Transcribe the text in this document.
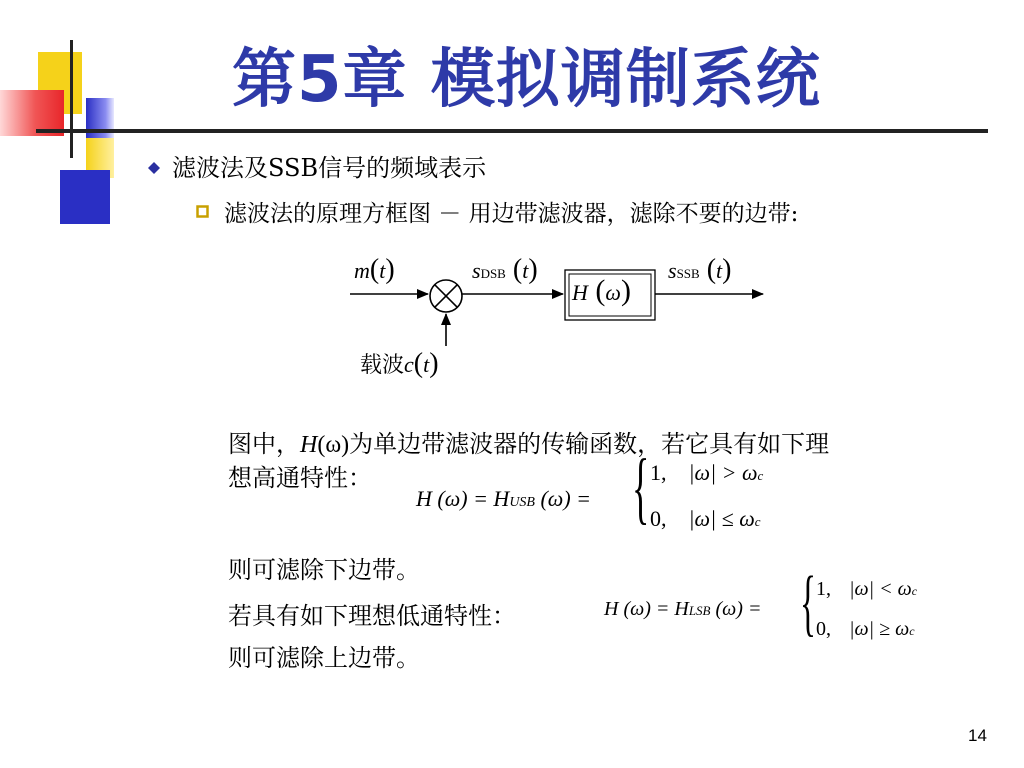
第5章 模拟调制系统
滤波法及SSB信号的频域表示
滤波法的原理方框图 － 用边带滤波器，滤除不要的边带:
m(t)	sDSB (t)
H (ω)
sSSB (t)
载波c(t)
图中，H(ω)为单边带滤波器的传输函数，若它具有如下理
想高通特性：
H (ω) = HUSB (ω) = { 1, |ω| > ωc
0, |ω| ≤ ωc
则可滤除下边带。
若具有如下理想低通特性：	H (ω) = HLSB (ω) = { 1, |ω| < ωc
0, |ω| ≥ ωc
则可滤除上边带。
14
